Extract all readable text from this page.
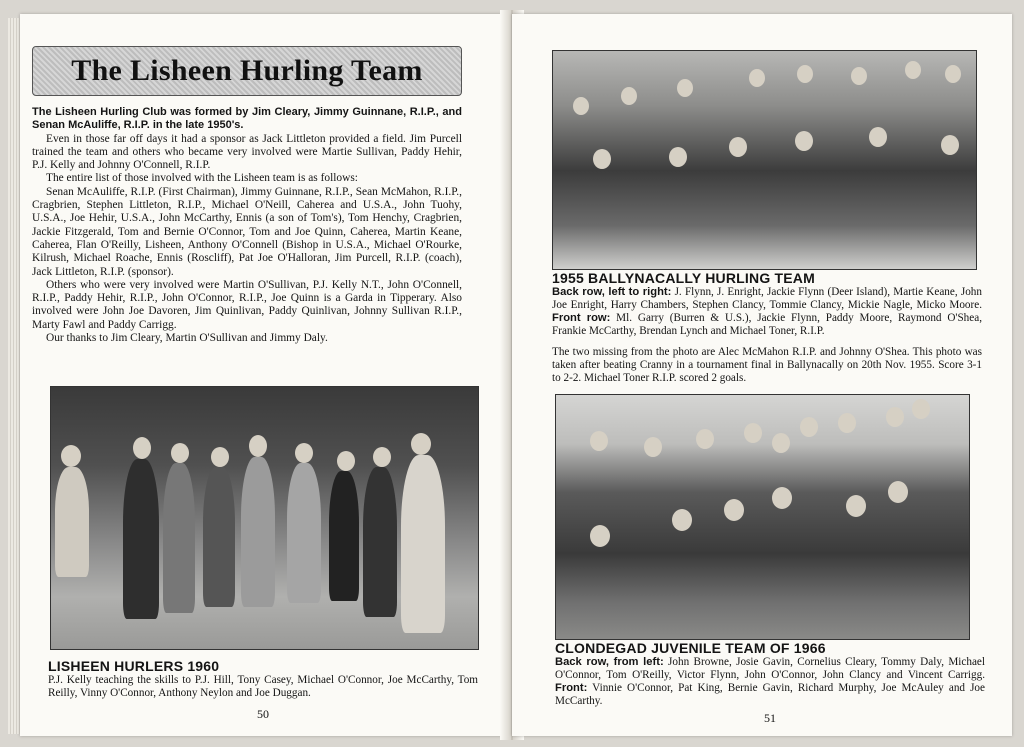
The Lisheen Hurling Team

The Lisheen Hurling Club was formed by Jim Cleary, Jimmy Guinnane, R.I.P., and Senan McAuliffe, R.I.P. in the late 1950's.

Even in those far off days it had a sponsor as Jack Littleton provided a field. Jim Purcell trained the team and others who became very involved were Martie Sullivan, Paddy Hehir, P.J. Kelly and Johnny O'Connell, R.I.P.

The entire list of those involved with the Lisheen team is as follows:

Senan McAuliffe, R.I.P. (First Chairman), Jimmy Guinnane, R.I.P., Sean McMahon, R.I.P., Cragbrien, Stephen Littleton, R.I.P., Michael O'Neill, Caherea and U.S.A., John Tuohy, U.S.A., Joe Hehir, U.S.A., John McCarthy, Ennis (a son of Tom's), Tom Henchy, Cragbrien, Jackie Fitzgerald, Tom and Bernie O'Connor, Tom and Joe Quinn, Caherea, Martin Keane, Caherea, Flan O'Reilly, Lisheen, Anthony O'Connell (Bishop in U.S.A., Michael O'Rourke, Kilrush, Michael Roache, Ennis (Roscliff), Pat Joe O'Halloran, Jim Purcell, R.I.P. (coach), Jack Littleton, R.I.P. (sponsor).

Others who were very involved were Martin O'Sullivan, P.J. Kelly N.T., John O'Connell, R.I.P., Paddy Hehir, R.I.P., John O'Connor, R.I.P., Joe Quinn is a Garda in Tipperary. Also involved were John Joe Davoren, Jim Quinlivan, Paddy Quinlivan, Johnny Sullivan R.I.P., Marty Fawl and Paddy Carrigg.

Our thanks to Jim Cleary, Martin O'Sullivan and Jimmy Daly.

LISHEEN HURLERS 1960

P.J. Kelly teaching the skills to P.J. Hill, Tony Casey, Michael O'Connor, Joe McCarthy, Tom Reilly, Vinny O'Connor, Anthony Neylon and Joe Duggan.

50

1955 BALLYNACALLY HURLING TEAM

Back row, left to right: J. Flynn, J. Enright, Jackie Flynn (Deer Island), Martie Keane, John Joe Enright, Harry Chambers, Stephen Clancy, Tommie Clancy, Mickie Nagle, Micko Moore. Front row: Ml. Garry (Burren & U.S.), Jackie Flynn, Paddy Moore, Raymond O'Shea, Frankie McCarthy, Brendan Lynch and Michael Toner, R.I.P.

The two missing from the photo are Alec McMahon R.I.P. and Johnny O'Shea. This photo was taken after beating Cranny in a tournament final in Ballynacally on 20th Nov. 1955. Score 3-1 to 2-2. Michael Toner R.I.P. scored 2 goals.

CLONDEGAD JUVENILE TEAM OF 1966

Back row, from left: John Browne, Josie Gavin, Cornelius Cleary, Tommy Daly, Michael O'Connor, Tom O'Reilly, Victor Flynn, John O'Connor, John Clancy and Vincent Carrigg. Front: Vinnie O'Connor, Pat King, Bernie Gavin, Richard Murphy, Joe McAuley and Joe McCarthy.

51
